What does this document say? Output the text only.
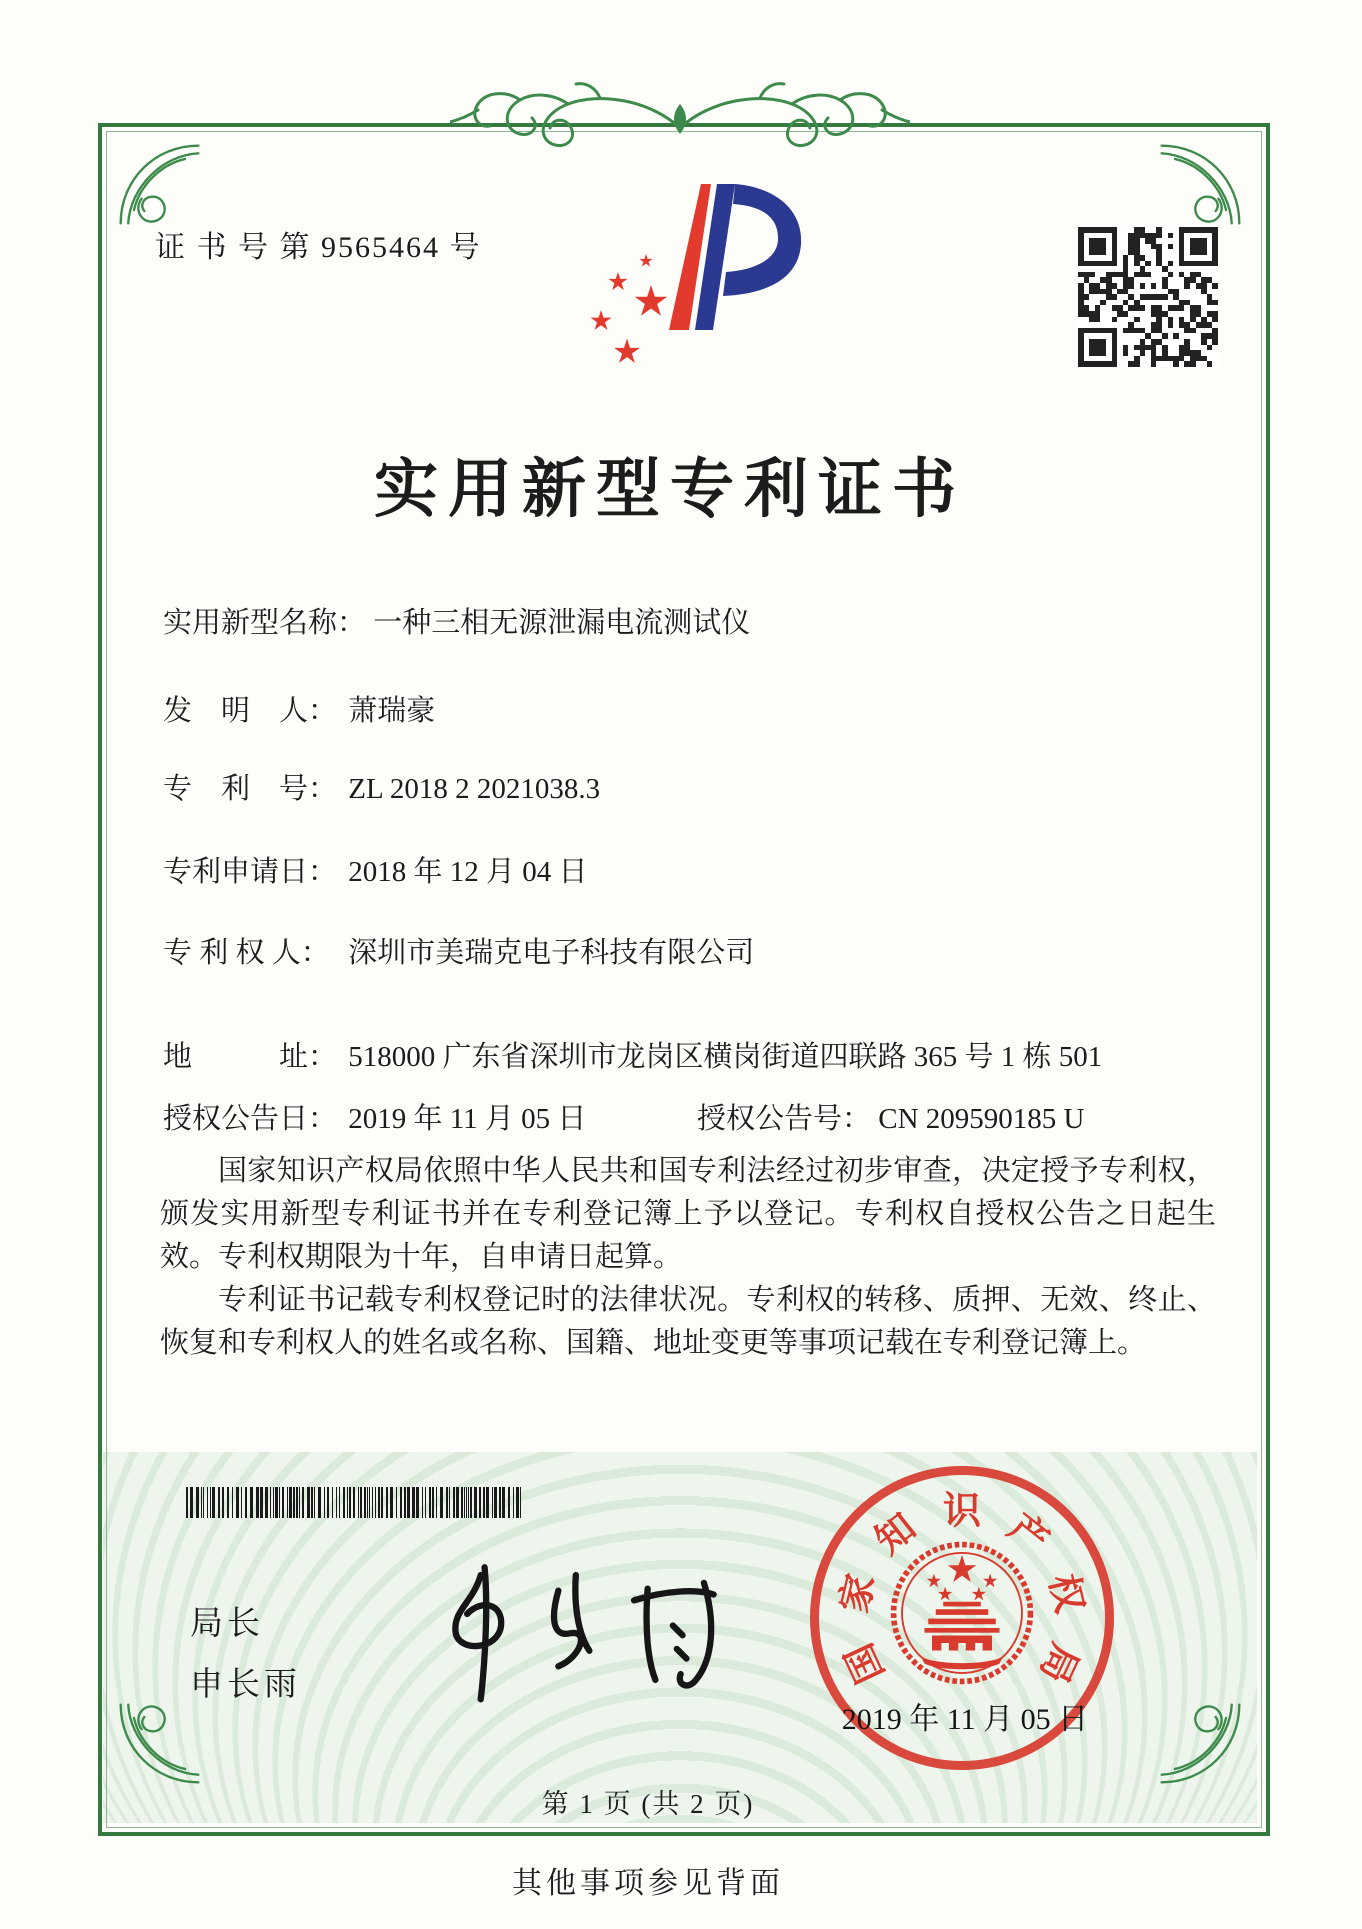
证 书 号 第 9565464 号
实用新型专利证书
实用新型名称： 一种三相无源泄漏电流测试仪
发　明　人： 萧瑞豪
专　利　号： ZL 2018 2 2021038.3
专利申请日： 2018 年 12 月 04 日
专 利 权 人： 深圳市美瑞克电子科技有限公司
地　　　址： 518000 广东省深圳市龙岗区横岗街道四联路 365 号 1 栋 501
授权公告日： 2019 年 11 月 05 日	授权公告号： CN 209590185 U

国家知识产权局依照中华人民共和国专利法经过初步审查，决定授予专利权，颁发实用新型专利证书并在专利登记簿上予以登记。专利权自授权公告之日起生效。专利权期限为十年，自申请日起算。

专利证书记载专利权登记时的法律状况。专利权的转移、质押、无效、终止、恢复和专利权人的姓名或名称、国籍、地址变更等事项记载在专利登记簿上。

局长
申长雨	国
家
知 识 产
权
局
2019 年 11 月 05 日
第 1 页 (共 2 页)
其他事项参见背面
